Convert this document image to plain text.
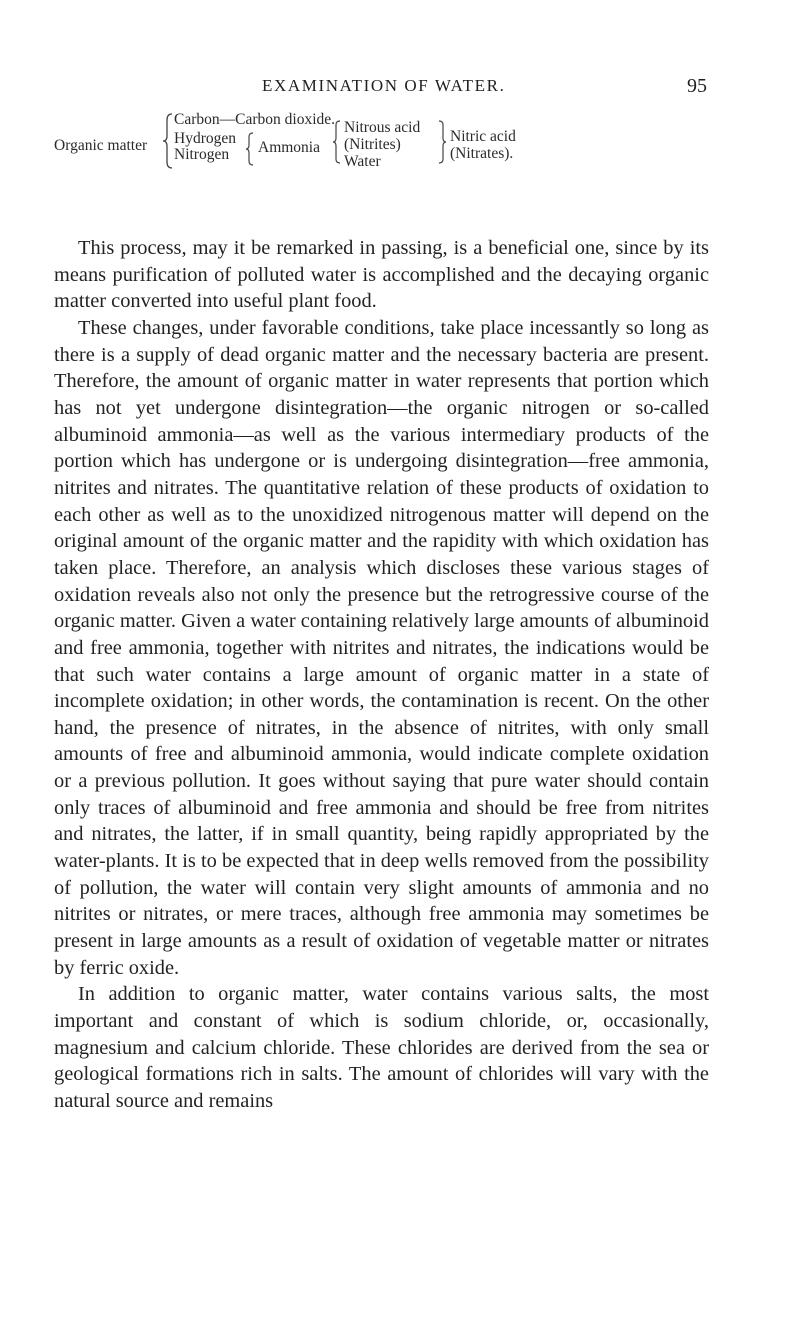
EXAMINATION OF WATER.	95
Organic matter
Carbon—Carbon dioxide.
Hydrogen
Nitrogen Ammonia
Nitrous acid
(Nitrites)
Water
Nitric acid
(Nitrates).

This process, may it be remarked in passing, is a beneficial one, since by its means purification of polluted water is accomplished and the decaying organic matter converted into useful plant food.

These changes, under favorable conditions, take place incessantly so long as there is a supply of dead organic matter and the necessary bacteria are present. Therefore, the amount of organic matter in water represents that portion which has not yet undergone disintegration—the organic nitrogen or so-called albuminoid ammonia—as well as the various intermediary products of the portion which has undergone or is undergoing disintegration—free ammonia, nitrites and nitrates. The quantitative relation of these products of oxidation to each other as well as to the unoxidized nitrogenous matter will depend on the original amount of the organic matter and the rapidity with which oxidation has taken place. Therefore, an analysis which discloses these various stages of oxidation reveals also not only the presence but the retrogressive course of the organic matter. Given a water containing relatively large amounts of albuminoid and free ammonia, together with nitrites and nitrates, the indications would be that such water contains a large amount of organic matter in a state of incomplete oxidation; in other words, the contamination is recent. On the other hand, the presence of nitrates, in the absence of nitrites, with only small amounts of free and albuminoid ammonia, would indicate complete oxidation or a previous pollution. It goes without saying that pure water should contain only traces of albuminoid and free ammonia and should be free from nitrites and nitrates, the latter, if in small quantity, being rapidly appropriated by the water-plants. It is to be expected that in deep wells removed from the possibility of pollution, the water will contain very slight amounts of ammonia and no nitrites or nitrates, or mere traces, although free ammonia may sometimes be present in large amounts as a result of oxidation of vegetable matter or nitrates by ferric oxide.

In addition to organic matter, water contains various salts, the most important and constant of which is sodium chloride, or, occasionally, magnesium and calcium chloride. These chlorides are derived from the sea or geological formations rich in salts. The amount of chlorides will vary with the natural source and remains
